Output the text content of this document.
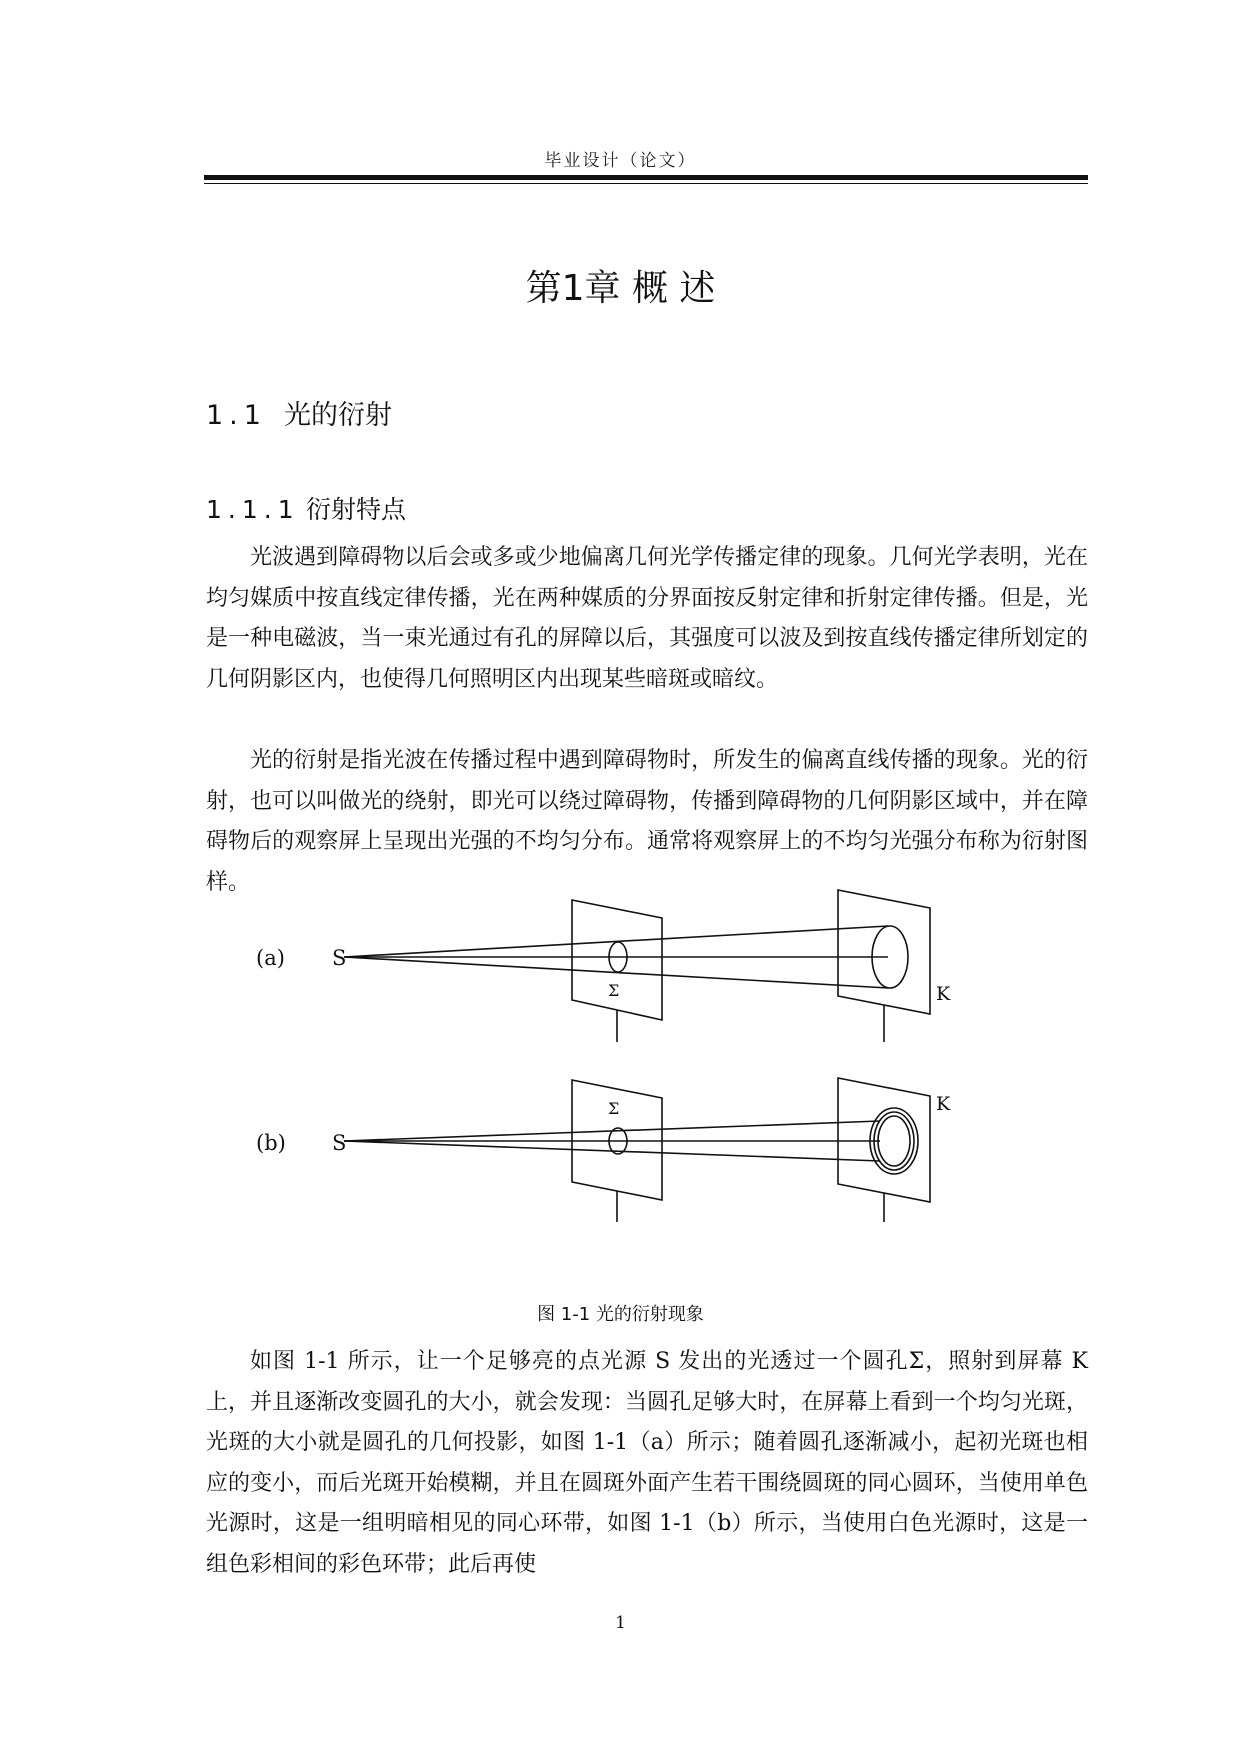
毕业设计（论文）
第1章 概 述
1.1 光的衍射
1.1.1 衍射特点

光波遇到障碍物以后会或多或少地偏离几何光学传播定律的现象。几何光学表明，光在均匀媒质中按直线定律传播，光在两种媒质的分界面按反射定律和折射定律传播。但是，光是一种电磁波，当一束光通过有孔的屏障以后，其强度可以波及到按直线传播定律所划定的几何阴影区内，也使得几何照明区内出现某些暗斑或暗纹。

光的衍射是指光波在传播过程中遇到障碍物时，所发生的偏离直线传播的现象。光的衍射，也可以叫做光的绕射，即光可以绕过障碍物，传播到障碍物的几何阴影区域中，并在障碍物后的观察屏上呈现出光强的不均匀分布。通常将观察屏上的不均匀光强分布称为衍射图样。

(a) S
Σ	K
(b) S
Σ	K
图 1-1 光的衍射现象

如图 1-1 所示，让一个足够亮的点光源 S 发出的光透过一个圆孔Σ，照射到屏幕 K 上，并且逐渐改变圆孔的大小，就会发现：当圆孔足够大时，在屏幕上看到一个均匀光斑，光斑的大小就是圆孔的几何投影，如图 1-1（a）所示；随着圆孔逐渐减小，起初光斑也相应的变小，而后光斑开始模糊，并且在圆斑外面产生若干围绕圆斑的同心圆环，当使用单色光源时，这是一组明暗相见的同心环带，如图 1-1（b）所示，当使用白色光源时，这是一组色彩相间的彩色环带；此后再使

1
